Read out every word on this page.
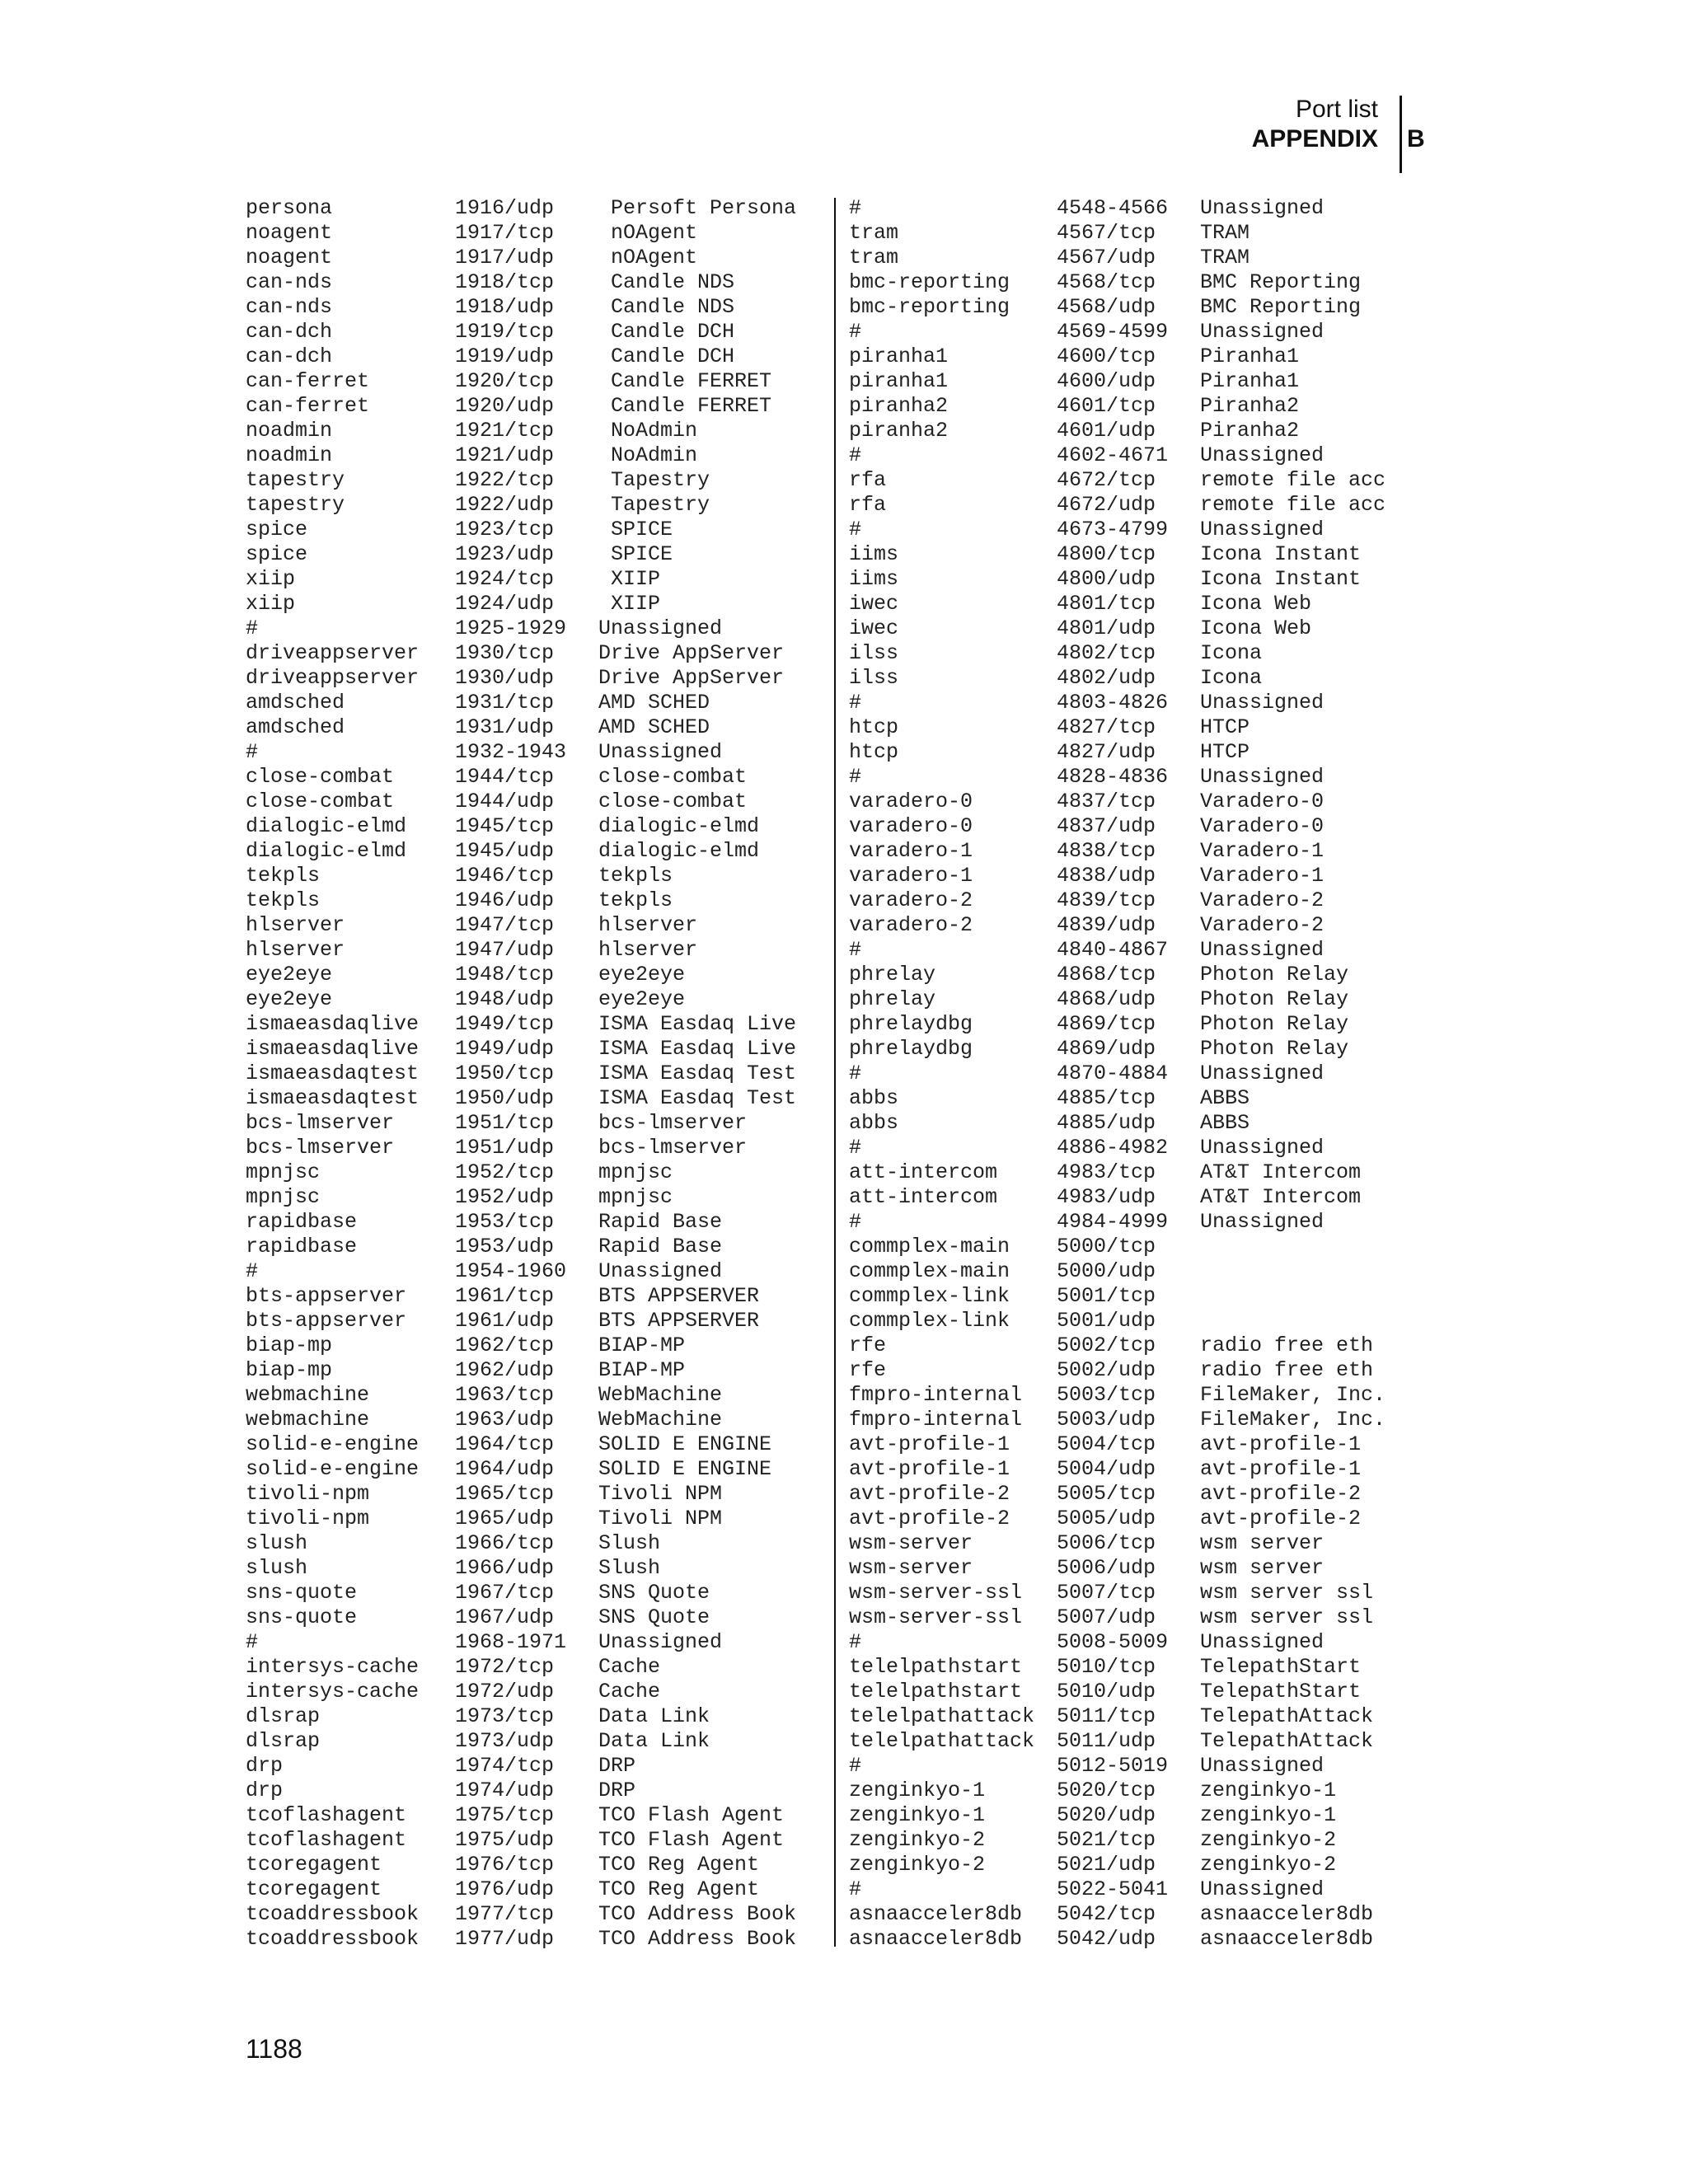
Port list
APPENDIX B
persona	1916/udp Persoft Persona
noagent	1917/tcp nOAgent
noagent	1917/udp nOAgent
can-nds	1918/tcp Candle NDS
can-nds	1918/udp Candle NDS
can-dch	1919/tcp Candle DCH
can-dch	1919/udp Candle DCH
can-ferret	1920/tcp Candle FERRET
can-ferret	1920/udp Candle FERRET
noadmin	1921/tcp NoAdmin
noadmin	1921/udp NoAdmin
tapestry	1922/tcp Tapestry
tapestry	1922/udp Tapestry
spice	1923/tcp SPICE
spice	1923/udp SPICE
xiip	1924/tcp XIIP
xiip	1924/udp XIIP
#	1925-1929 Unassigned
driveappserver 1930/tcp Drive AppServer
driveappserver 1930/udp Drive AppServer
amdsched	1931/tcp AMD SCHED
amdsched	1931/udp AMD SCHED
#	1932-1943 Unassigned
close-combat	1944/tcp close-combat
close-combat	1944/udp close-combat
dialogic-elmd 1945/tcp dialogic-elmd
dialogic-elmd 1945/udp dialogic-elmd
tekpls	1946/tcp tekpls
tekpls	1946/udp tekpls
hlserver	1947/tcp hlserver
hlserver	1947/udp hlserver
eye2eye	1948/tcp eye2eye
eye2eye	1948/udp eye2eye
ismaeasdaqlive 1949/tcp ISMA Easdaq Live
ismaeasdaqlive 1949/udp ISMA Easdaq Live
ismaeasdaqtest 1950/tcp ISMA Easdaq Test
ismaeasdaqtest 1950/udp ISMA Easdaq Test
bcs-lmserver	1951/tcp bcs-lmserver
bcs-lmserver	1951/udp bcs-lmserver
mpnjsc	1952/tcp mpnjsc
mpnjsc	1952/udp mpnjsc
rapidbase	1953/tcp Rapid Base
rapidbase	1953/udp Rapid Base
#	1954-1960 Unassigned
bts-appserver 1961/tcp BTS APPSERVER
bts-appserver 1961/udp BTS APPSERVER
biap-mp	1962/tcp BIAP-MP
biap-mp	1962/udp BIAP-MP
webmachine	1963/tcp WebMachine
webmachine	1963/udp WebMachine
solid-e-engine 1964/tcp SOLID E ENGINE
solid-e-engine 1964/udp SOLID E ENGINE
tivoli-npm	1965/tcp Tivoli NPM
tivoli-npm	1965/udp Tivoli NPM
slush	1966/tcp Slush
slush	1966/udp Slush
sns-quote	1967/tcp SNS Quote
sns-quote	1967/udp SNS Quote
#	1968-1971 Unassigned
intersys-cache 1972/tcp Cache
intersys-cache 1972/udp Cache
dlsrap	1973/tcp Data Link
dlsrap	1973/udp Data Link
drp	1974/tcp DRP
drp	1974/udp DRP
tcoflashagent 1975/tcp TCO Flash Agent
tcoflashagent 1975/udp TCO Flash Agent
tcoregagent	1976/tcp TCO Reg Agent
tcoregagent	1976/udp TCO Reg Agent
tcoaddressbook 1977/tcp TCO Address Book
tcoaddressbook 1977/udp TCO Address Book
#	4548-4566 Unassigned
tram	4567/tcp TRAM
tram	4567/udp TRAM
bmc-reporting 4568/tcp BMC Reporting
bmc-reporting 4568/udp BMC Reporting
#	4569-4599 Unassigned
piranha1	4600/tcp Piranha1
piranha1	4600/udp Piranha1
piranha2	4601/tcp Piranha2
piranha2	4601/udp Piranha2
#	4602-4671 Unassigned
rfa	4672/tcp remote file acc
rfa	4672/udp remote file acc
#	4673-4799 Unassigned
iims	4800/tcp Icona Instant
iims	4800/udp Icona Instant
iwec	4801/tcp Icona Web
iwec	4801/udp Icona Web
ilss	4802/tcp Icona
ilss	4802/udp Icona
#	4803-4826 Unassigned
htcp	4827/tcp HTCP
htcp	4827/udp HTCP
#	4828-4836 Unassigned
varadero-0	4837/tcp Varadero-0
varadero-0	4837/udp Varadero-0
varadero-1	4838/tcp Varadero-1
varadero-1	4838/udp Varadero-1
varadero-2	4839/tcp Varadero-2
varadero-2	4839/udp Varadero-2
#	4840-4867 Unassigned
phrelay	4868/tcp Photon Relay
phrelay	4868/udp Photon Relay
phrelaydbg	4869/tcp Photon Relay
phrelaydbg	4869/udp Photon Relay
#	4870-4884 Unassigned
abbs	4885/tcp ABBS
abbs	4885/udp ABBS
#	4886-4982 Unassigned
att-intercom	4983/tcp AT&T Intercom
att-intercom	4983/udp AT&T Intercom
#	4984-4999 Unassigned
commplex-main 5000/tcp
commplex-main 5000/udp
commplex-link 5001/tcp
commplex-link 5001/udp
rfe	5002/tcp radio free eth
rfe	5002/udp radio free eth
fmpro-internal 5003/tcp FileMaker, Inc.
fmpro-internal 5003/udp FileMaker, Inc.
avt-profile-1 5004/tcp avt-profile-1
avt-profile-1 5004/udp avt-profile-1
avt-profile-2 5005/tcp avt-profile-2
avt-profile-2 5005/udp avt-profile-2
wsm-server	5006/tcp wsm server
wsm-server	5006/udp wsm server
wsm-server-ssl 5007/tcp wsm server ssl
wsm-server-ssl 5007/udp wsm server ssl
#	5008-5009 Unassigned
telelpathstart 5010/tcp TelepathStart
telelpathstart 5010/udp TelepathStart
telelpathattack 5011/tcp TelepathAttack
telelpathattack 5011/udp TelepathAttack
#	5012-5019 Unassigned
zenginkyo-1	5020/tcp zenginkyo-1
zenginkyo-1	5020/udp zenginkyo-1
zenginkyo-2	5021/tcp zenginkyo-2
zenginkyo-2	5021/udp zenginkyo-2
#	5022-5041 Unassigned
asnaacceler8db 5042/tcp asnaacceler8db
asnaacceler8db 5042/udp asnaacceler8db
1188
